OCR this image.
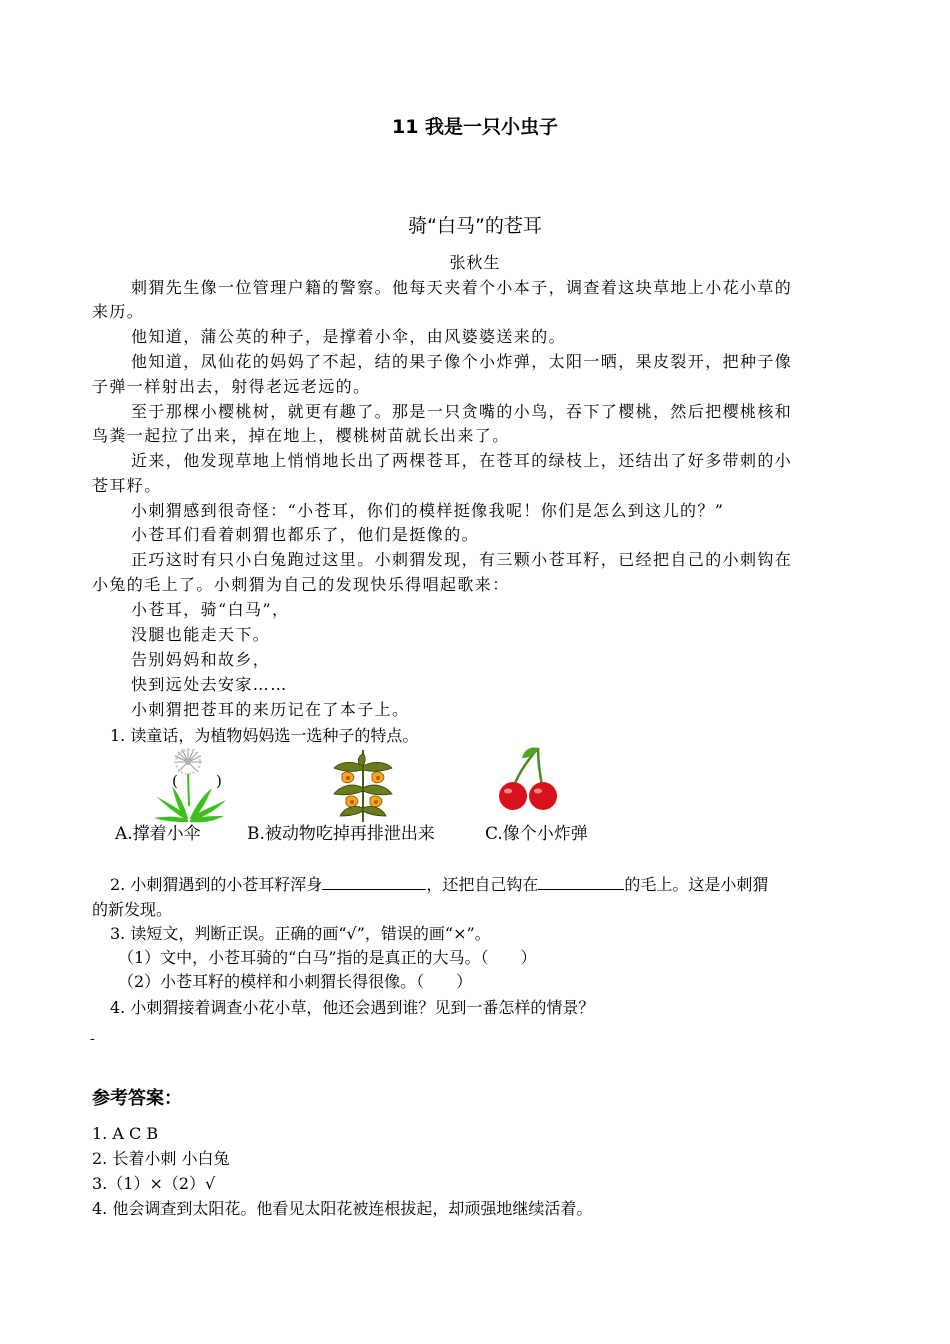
11 我是一只小虫子
骑“白马”的苍耳
张秋生
刺猬先生像一位管理户籍的警察。他每天夹着个小本子，调查着这块草地上小花小草的
来历。
他知道，蒲公英的种子，是撑着小伞，由风婆婆送来的。
他知道，凤仙花的妈妈了不起，结的果子像个小炸弹，太阳一晒，果皮裂开，把种子像
子弹一样射出去，射得老远老远的。
至于那棵小樱桃树，就更有趣了。那是一只贪嘴的小鸟，吞下了樱桃，然后把樱桃核和
鸟粪一起拉了出来，掉在地上，樱桃树苗就长出来了。
近来，他发现草地上悄悄地长出了两棵苍耳，在苍耳的绿枝上，还结出了好多带刺的小
苍耳籽。
小刺猬感到很奇怪：“小苍耳，你们的模样挺像我呢！你们是怎么到这儿的？”
小苍耳们看着刺猬也都乐了，他们是挺像的。
正巧这时有只小白兔跑过这里。小刺猬发现，有三颗小苍耳籽，已经把自己的小刺钩在
小兔的毛上了。小刺猬为自己的发现快乐得唱起歌来：
小苍耳，骑“白马”，
没腿也能走天下。
告别妈妈和故乡，
快到远处去安家……
小刺猬把苍耳的来历记在了本子上。
1. 读童话，为植物妈妈选一选种子的特点。
(	)
A.撑着小伞	B.被动物吃掉再排泄出来	C.像个小炸弹
2. 小刺猬遇到的小苍耳籽浑身	，还把自己钩在	的毛上。这是小刺猬
的新发现。
3. 读短文，判断正误。正确的画“√”，错误的画“×”。
（1）文中，小苍耳骑的“白马”指的是真正的大马。（　　）
（2）小苍耳籽的模样和小刺猬长得很像。（　　）
4. 小刺猬接着调查小花小草，他还会遇到谁？见到一番怎样的情景？
-
参考答案：
1. A C B
2. 长着小刺 小白兔
3.（1）×（2）√
4. 他会调查到太阳花。他看见太阳花被连根拔起，却顽强地继续活着。
